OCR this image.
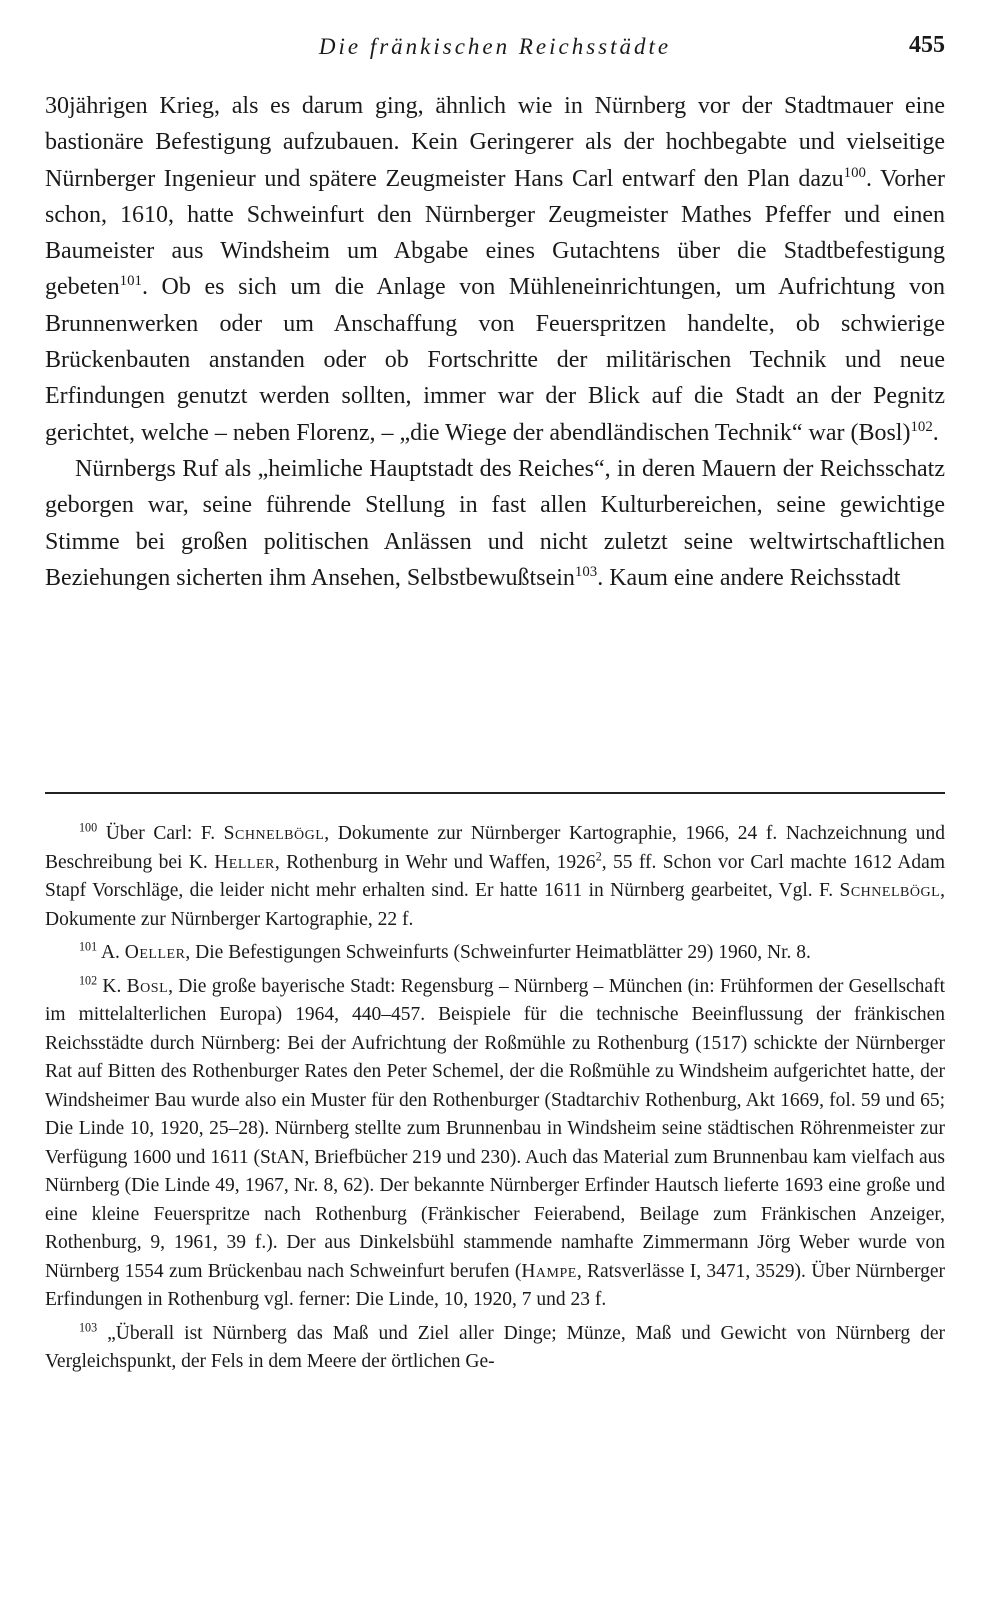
Die fränkischen Reichsstädte	455

30jährigen Krieg, als es darum ging, ähnlich wie in Nürnberg vor der Stadtmauer eine bastionäre Befestigung aufzubauen. Kein Geringerer als der hochbegabte und vielseitige Nürnberger Ingenieur und spätere Zeugmeister Hans Carl entwarf den Plan dazu$^{100}$. Vorher schon, 1610, hatte Schweinfurt den Nürnberger Zeugmeister Mathes Pfeffer und einen Baumeister aus Windsheim um Abgabe eines Gutachtens über die Stadtbefestigung gebeten$^{101}$. Ob es sich um die Anlage von Mühleneinrichtungen, um Aufrichtung von Brunnenwerken oder um Anschaffung von Feuerspritzen handelte, ob schwierige Brückenbauten anstanden oder ob Fortschritte der militärischen Technik und neue Erfindungen genutzt werden sollten, immer war der Blick auf die Stadt an der Pegnitz gerichtet, welche – neben Florenz, – „die Wiege der abendländischen Technik“ war (Bosl)$^{102}$.

Nürnbergs Ruf als „heimliche Hauptstadt des Reiches“, in deren Mauern der Reichsschatz geborgen war, seine führende Stellung in fast allen Kulturbereichen, seine gewichtige Stimme bei großen politischen Anlässen und nicht zuletzt seine weltwirtschaftlichen Beziehungen sicherten ihm Ansehen, Selbstbewußtsein$^{103}$. Kaum eine andere Reichsstadt

$^{100}$ Über Carl: F. Schnelbögl, Dokumente zur Nürnberger Kartographie, 1966, 24 f. Nachzeichnung und Beschreibung bei K. Heller, Rothenburg in Wehr und Waffen, 1926$^2$, 55 ff. Schon vor Carl machte 1612 Adam Stapf Vorschläge, die leider nicht mehr erhalten sind. Er hatte 1611 in Nürnberg gearbeitet, Vgl. F. Schnelbögl, Dokumente zur Nürnberger Kartographie, 22 f.

$^{101}$ A. Oeller, Die Befestigungen Schweinfurts (Schweinfurter Heimatblätter 29) 1960, Nr. 8.

$^{102}$ K. Bosl, Die große bayerische Stadt: Regensburg – Nürnberg – München (in: Frühformen der Gesellschaft im mittelalterlichen Europa) 1964, 440–457. Beispiele für die technische Beeinflussung der fränkischen Reichsstädte durch Nürnberg: Bei der Aufrichtung der Roßmühle zu Rothenburg (1517) schickte der Nürnberger Rat auf Bitten des Rothenburger Rates den Peter Schemel, der die Roßmühle zu Windsheim aufgerichtet hatte, der Windsheimer Bau wurde also ein Muster für den Rothenburger (Stadtarchiv Rothenburg, Akt 1669, fol. 59 und 65; Die Linde 10, 1920, 25–28). Nürnberg stellte zum Brunnenbau in Windsheim seine städtischen Röhrenmeister zur Verfügung 1600 und 1611 (StAN, Briefbücher 219 und 230). Auch das Material zum Brunnenbau kam vielfach aus Nürnberg (Die Linde 49, 1967, Nr. 8, 62). Der bekannte Nürnberger Erfinder Hautsch lieferte 1693 eine große und eine kleine Feuerspritze nach Rothenburg (Fränkischer Feierabend, Beilage zum Fränkischen Anzeiger, Rothenburg, 9, 1961, 39 f.). Der aus Dinkelsbühl stammende namhafte Zimmermann Jörg Weber wurde von Nürnberg 1554 zum Brückenbau nach Schweinfurt berufen (Hampe, Ratsverlässe I, 3471, 3529). Über Nürnberger Erfindungen in Rothenburg vgl. ferner: Die Linde, 10, 1920, 7 und 23 f.

$^{103}$ „Überall ist Nürnberg das Maß und Ziel aller Dinge; Münze, Maß und Gewicht von Nürnberg der Vergleichspunkt, der Fels in dem Meere der örtlichen Ge-
